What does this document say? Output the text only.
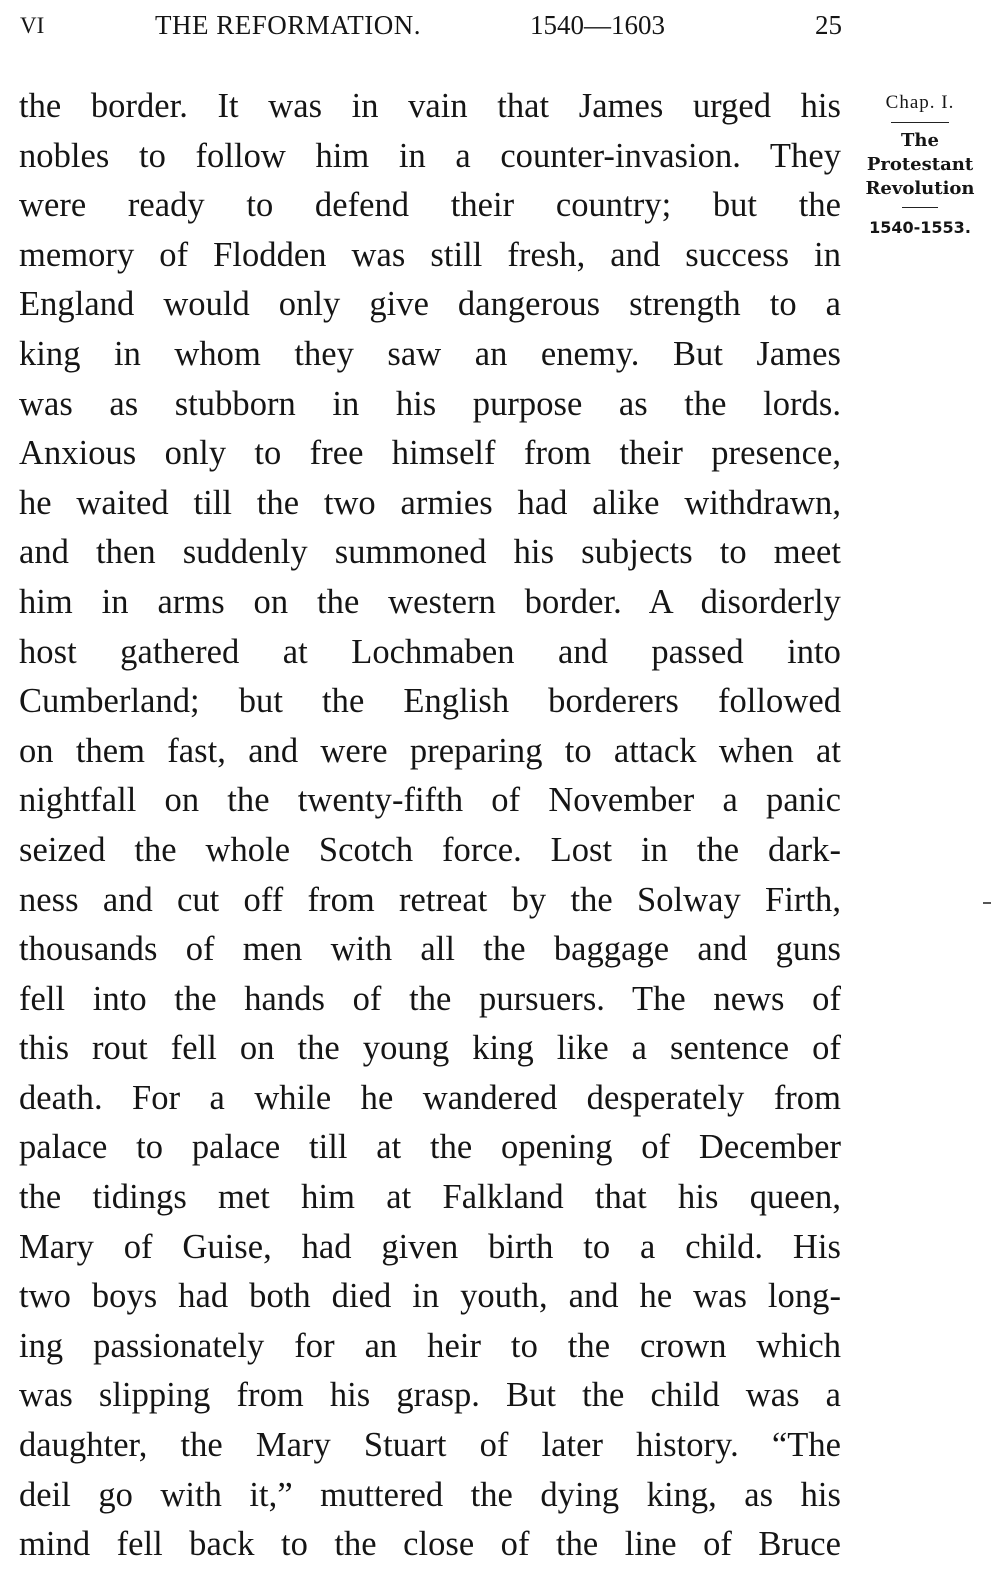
VI	THE REFORMATION.	1540—1603	25
the border. It was in vain that James urged his
nobles to follow him in a counter-invasion. They
were ready to defend their country; but the
memory of Flodden was still fresh, and success in
England would only give dangerous strength to a
king in whom they saw an enemy. But James
was as stubborn in his purpose as the lords.
Anxious only to free himself from their presence,
he waited till the two armies had alike withdrawn,
and then suddenly summoned his subjects to meet
him in arms on the western border. A disorderly
host gathered at Lochmaben and passed into
Cumberland; but the English borderers followed
on them fast, and were preparing to attack when at
nightfall on the twenty-fifth of November a panic
seized the whole Scotch force. Lost in the dark-
ness and cut off from retreat by the Solway Firth,
thousands of men with all the baggage and guns
fell into the hands of the pursuers. The news of
this rout fell on the young king like a sentence of
death. For a while he wandered desperately from
palace to palace till at the opening of December
the tidings met him at Falkland that his queen,
Mary of Guise, had given birth to a child. His
two boys had both died in youth, and he was long-
ing passionately for an heir to the crown which
was slipping from his grasp. But the child was a
daughter, the Mary Stuart of later history. “The
deil go with it,” muttered the dying king, as his
mind fell back to the close of the line of Bruce
Chap. I.
The
Protestant
Revolution
1540-1553.
